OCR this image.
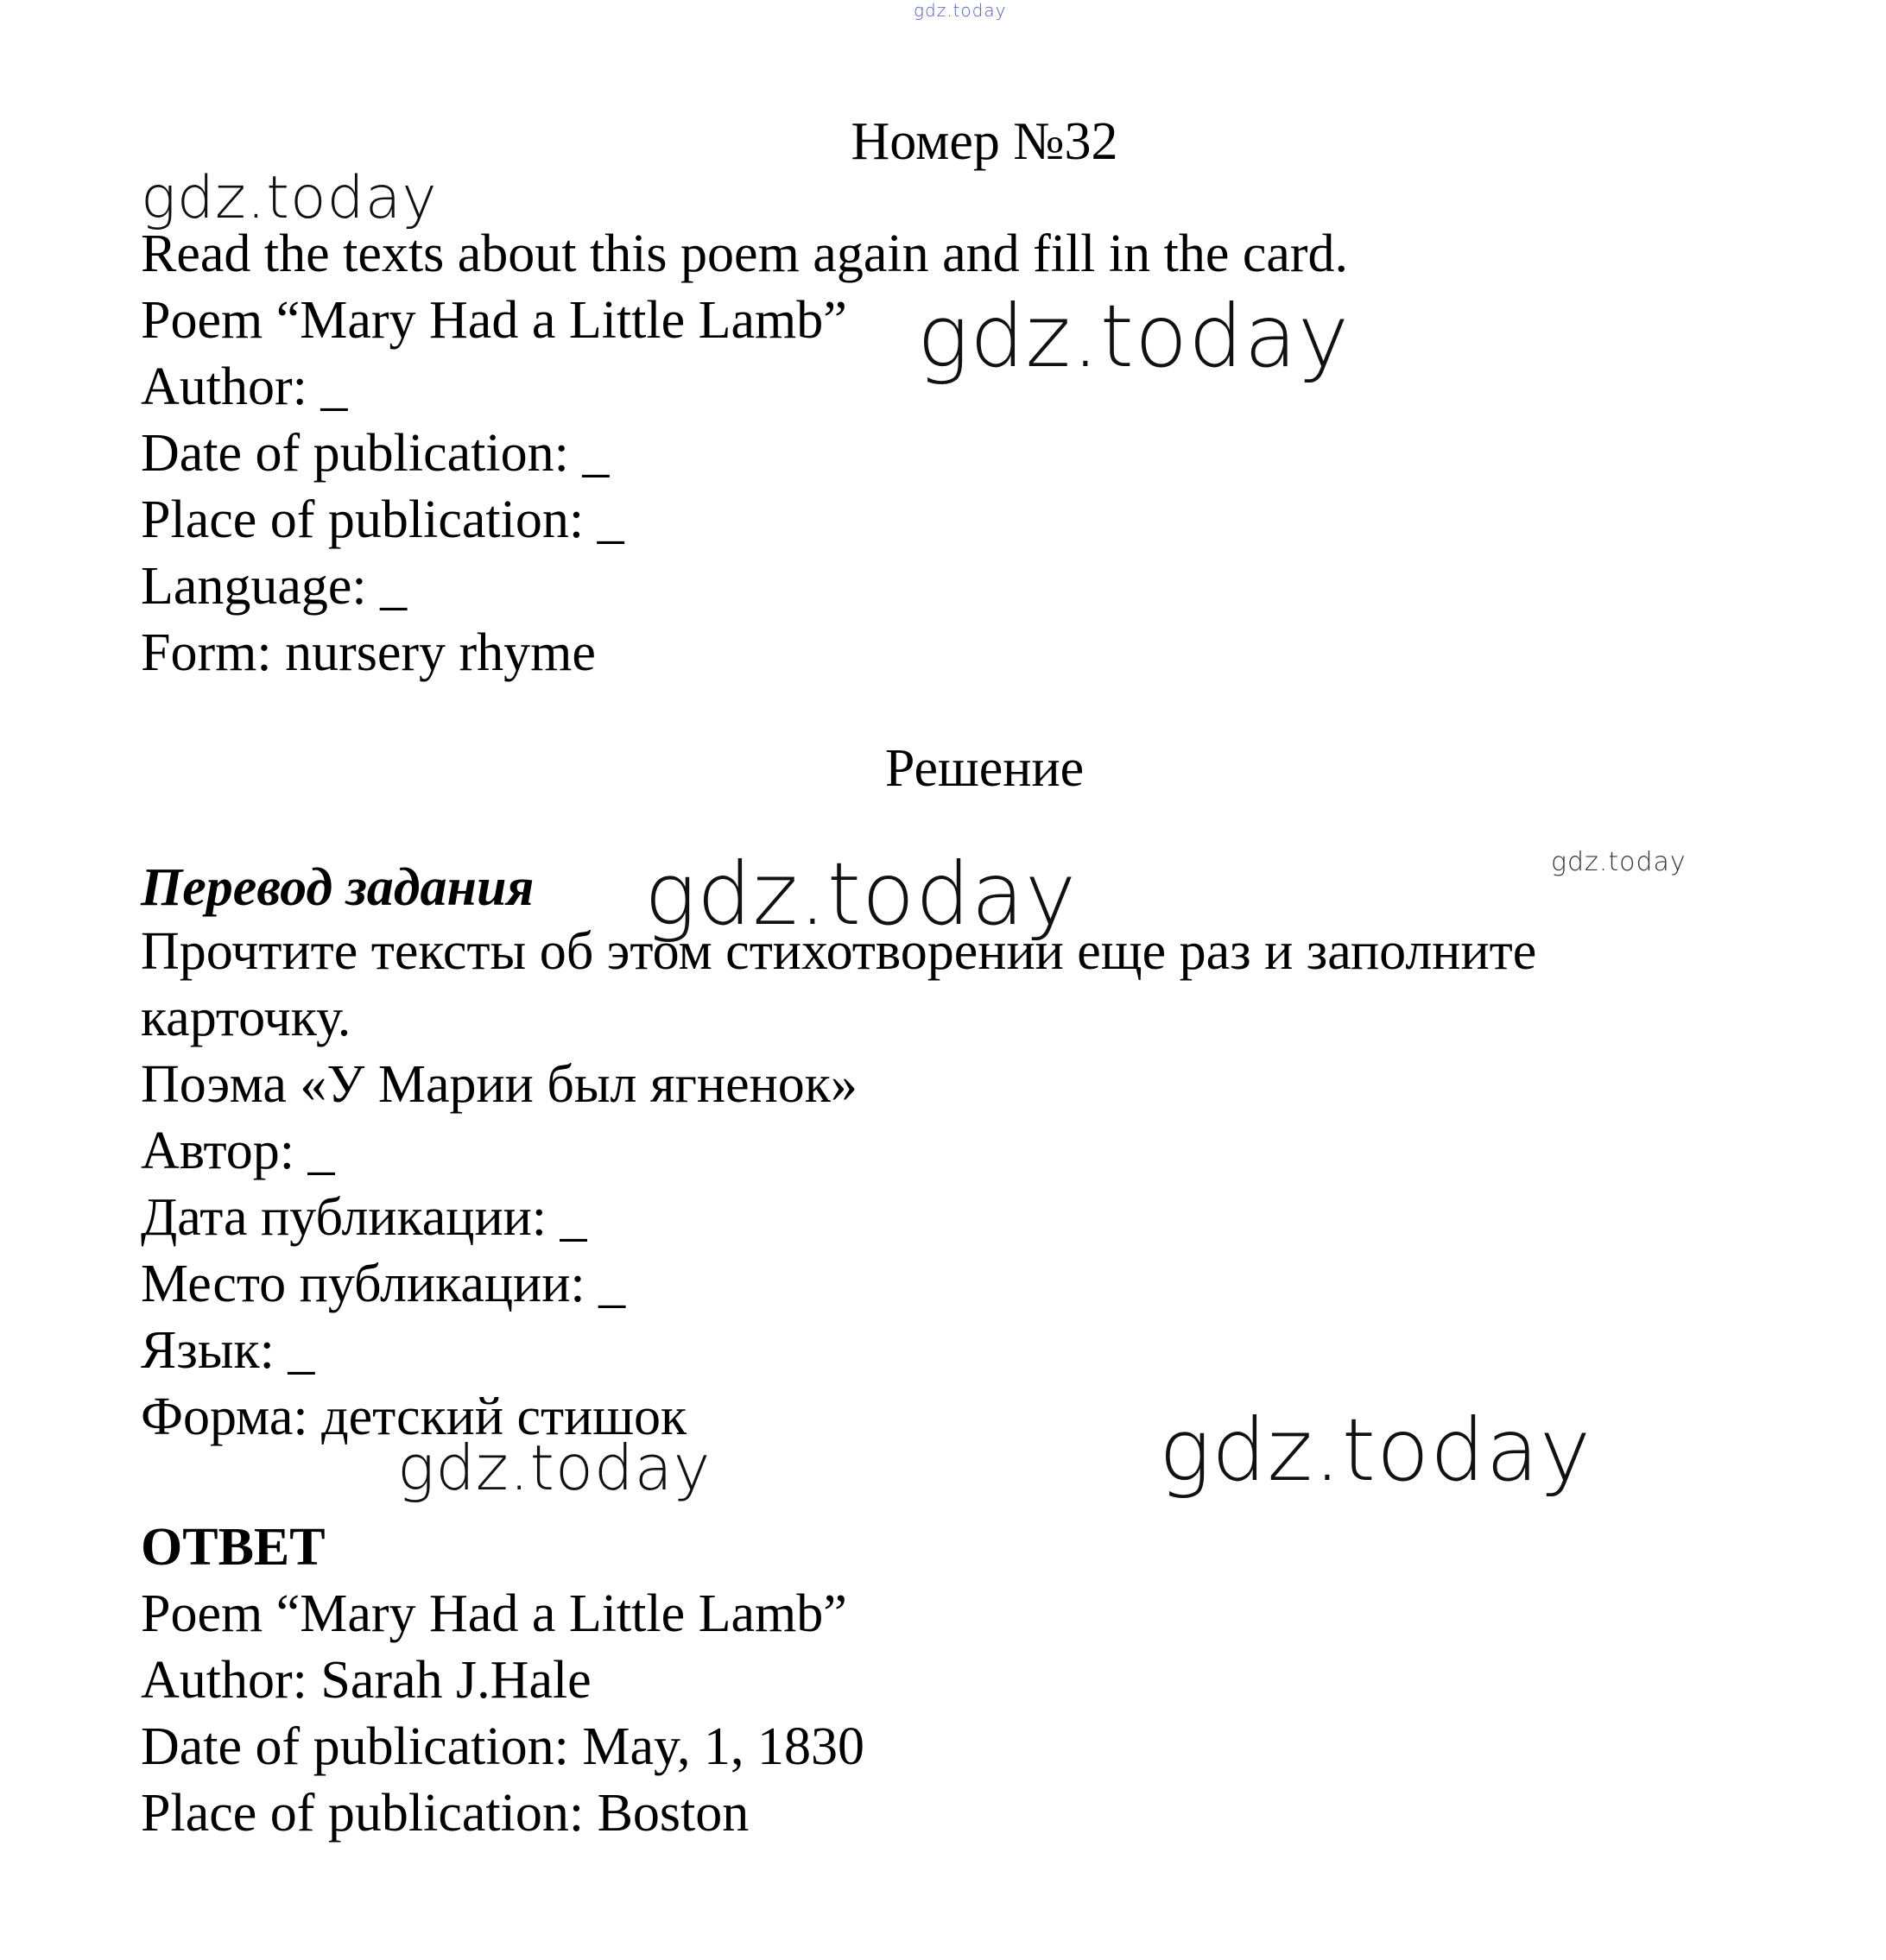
gdz.today
gdz.today
gdz.today
gdz.today	gdz.today
gdz.today	gdz.today
Номер №32

Read the texts about this poem again and fill in the card.

Poem “Mary Had a Little Lamb”

Author: _

Date of publication: _

Place of publication: _

Language: _

Form: nursery rhyme

Решение

Перевод задания

Прочтите тексты об этом стихотворении еще раз и заполните

карточку.

Поэма «У Марии был ягненок»

Автор: _

Дата публикации: _

Место публикации: _

Язык: _

Форма: детский стишок

ОТВЕТ

Poem “Mary Had a Little Lamb”

Author: Sarah J.Hale

Date of publication: May, 1, 1830

Place of publication: Boston
